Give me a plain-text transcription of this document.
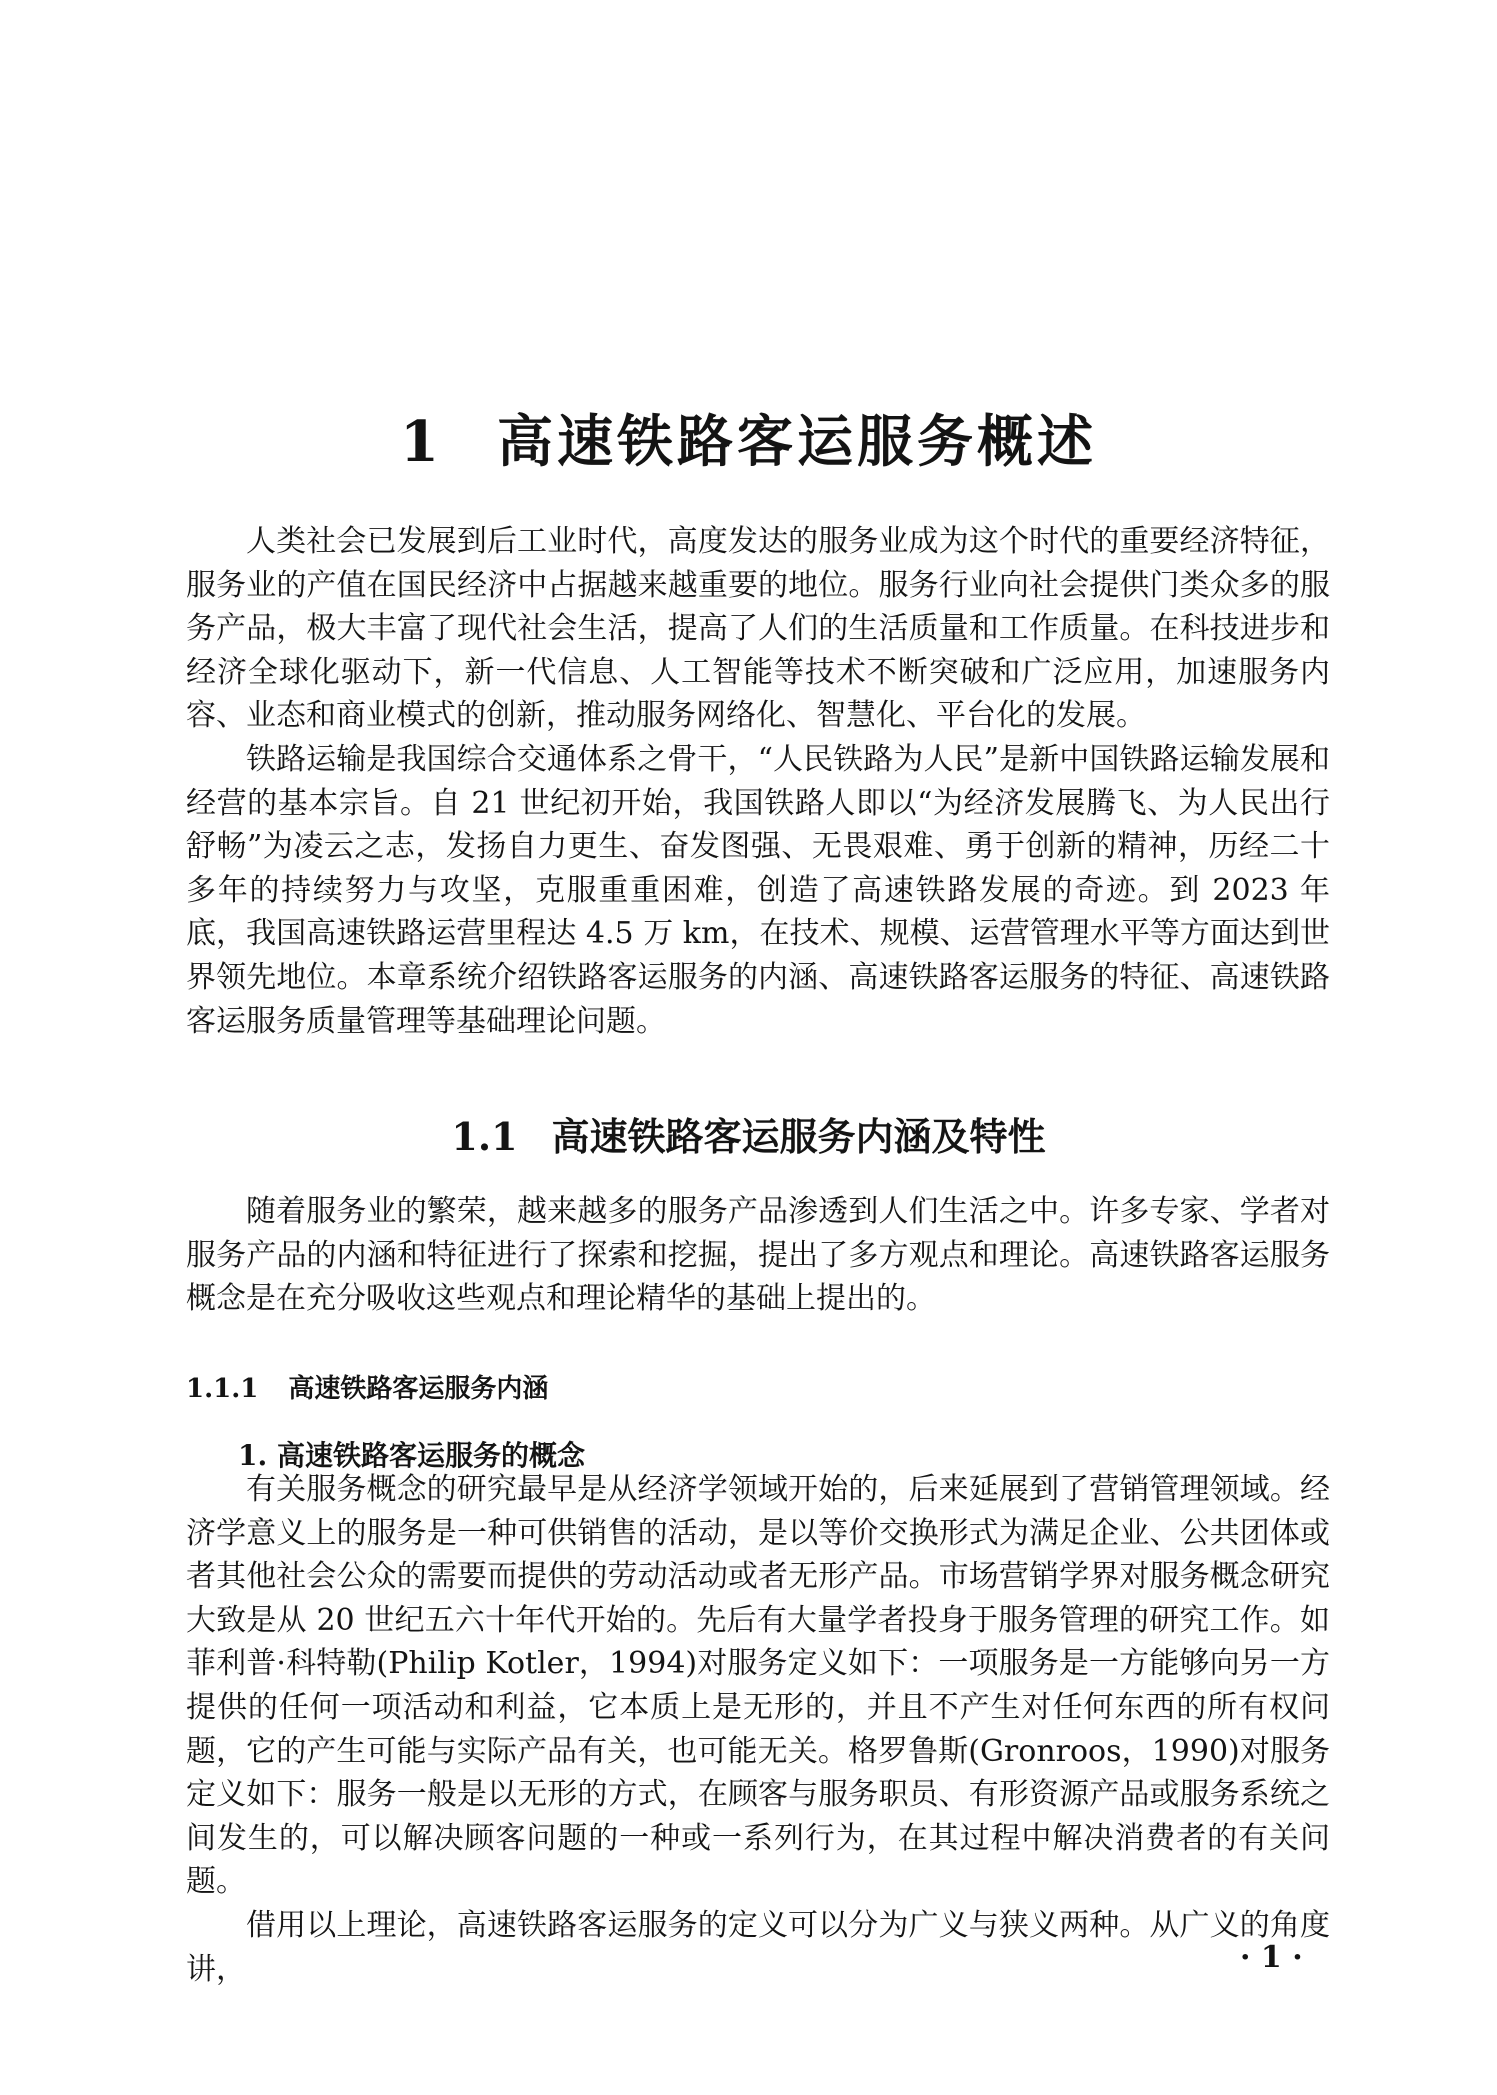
1 高速铁路客运服务概述

人类社会已发展到后工业时代，高度发达的服务业成为这个时代的重要经济特征，服务业的产值在国民经济中占据越来越重要的地位。服务行业向社会提供门类众多的服务产品，极大丰富了现代社会生活，提高了人们的生活质量和工作质量。在科技进步和经济全球化驱动下，新一代信息、人工智能等技术不断突破和广泛应用，加速服务内容、业态和商业模式的创新，推动服务网络化、智慧化、平台化的发展。

铁路运输是我国综合交通体系之骨干，“人民铁路为人民”是新中国铁路运输发展和经营的基本宗旨。自 21 世纪初开始，我国铁路人即以“为经济发展腾飞、为人民出行舒畅”为凌云之志，发扬自力更生、奋发图强、无畏艰难、勇于创新的精神，历经二十多年的持续努力与攻坚，克服重重困难，创造了高速铁路发展的奇迹。到 2023 年底，我国高速铁路运营里程达 4.5 万 km，在技术、规模、运营管理水平等方面达到世界领先地位。本章系统介绍铁路客运服务的内涵、高速铁路客运服务的特征、高速铁路客运服务质量管理等基础理论问题。

1.1 高速铁路客运服务内涵及特性

随着服务业的繁荣，越来越多的服务产品渗透到人们生活之中。许多专家、学者对服务产品的内涵和特征进行了探索和挖掘，提出了多方观点和理论。高速铁路客运服务概念是在充分吸收这些观点和理论精华的基础上提出的。

1.1.1 高速铁路客运服务内涵
1. 高速铁路客运服务的概念

有关服务概念的研究最早是从经济学领域开始的，后来延展到了营销管理领域。经济学意义上的服务是一种可供销售的活动，是以等价交换形式为满足企业、公共团体或者其他社会公众的需要而提供的劳动活动或者无形产品。市场营销学界对服务概念研究大致是从 20 世纪五六十年代开始的。先后有大量学者投身于服务管理的研究工作。如菲利普·科特勒(Philip Kotler，1994)对服务定义如下：一项服务是一方能够向另一方提供的任何一项活动和利益，它本质上是无形的，并且不产生对任何东西的所有权问题，它的产生可能与实际产品有关，也可能无关。格罗鲁斯(Gronroos，1990)对服务定义如下：服务一般是以无形的方式，在顾客与服务职员、有形资源产品或服务系统之间发生的，可以解决顾客问题的一种或一系列行为，在其过程中解决消费者的有关问题。

借用以上理论，高速铁路客运服务的定义可以分为广义与狭义两种。从广义的角度讲，	· 1 ·
